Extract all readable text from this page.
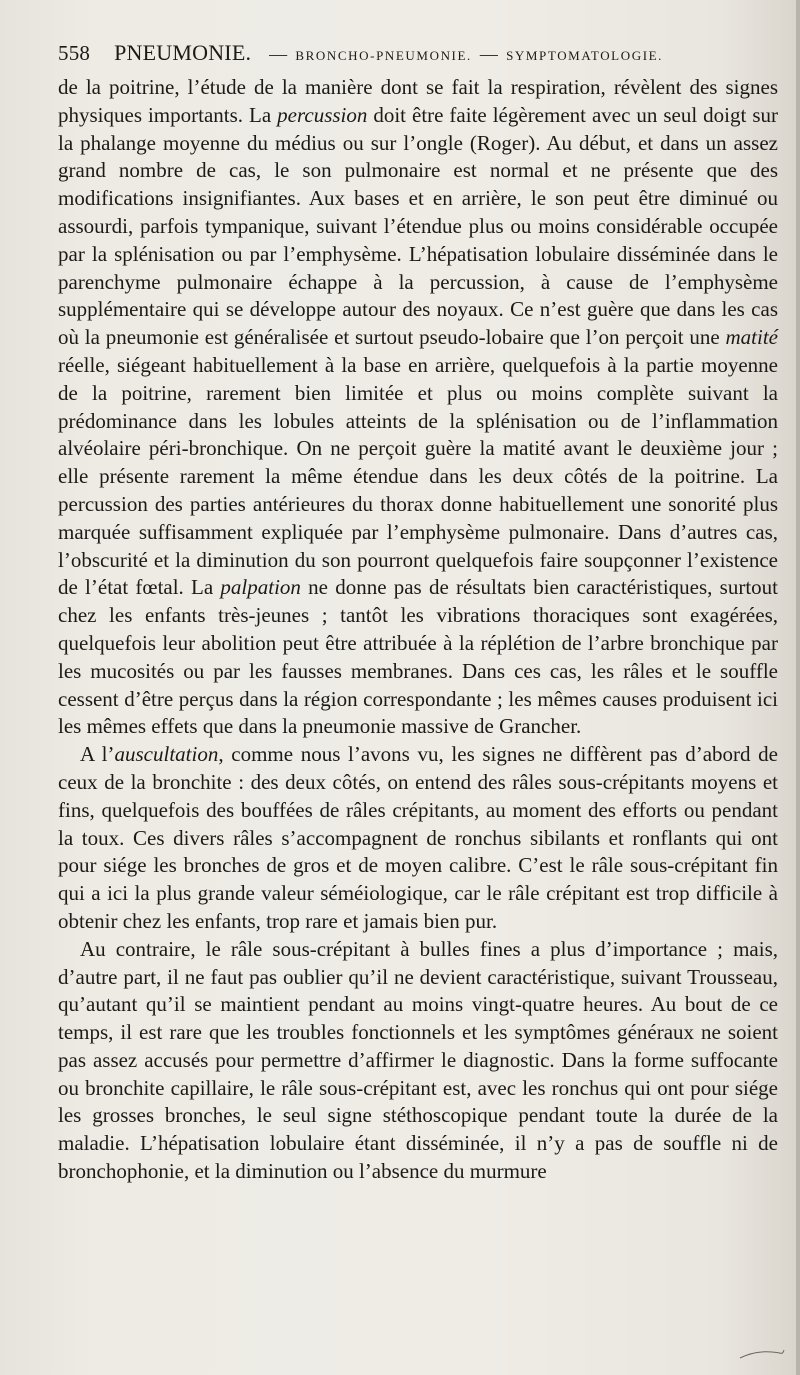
558 PNEUMONIE. — BRONCHO-PNEUMONIE. — SYMPTOMATOLOGIE.

de la poitrine, l’étude de la manière dont se fait la respiration, révèlent des signes physiques importants. La percussion doit être faite légèrement avec un seul doigt sur la phalange moyenne du médius ou sur l’ongle (Roger). Au début, et dans un assez grand nombre de cas, le son pulmonaire est normal et ne présente que des modifications insignifiantes. Aux bases et en arrière, le son peut être diminué ou assourdi, parfois tympanique, suivant l’étendue plus ou moins considérable occupée par la splénisation ou par l’emphysème. L’hépatisation lobulaire disséminée dans le parenchyme pulmonaire échappe à la percussion, à cause de l’emphysème supplémentaire qui se développe autour des noyaux. Ce n’est guère que dans les cas où la pneumonie est généralisée et surtout pseudo-lobaire que l’on perçoit une matité réelle, siégeant habituellement à la base en arrière, quelquefois à la partie moyenne de la poitrine, rarement bien limitée et plus ou moins complète suivant la prédominance dans les lobules atteints de la splénisation ou de l’inflammation alvéolaire péri-bronchique. On ne perçoit guère la matité avant le deuxième jour ; elle présente rarement la même étendue dans les deux côtés de la poitrine. La percussion des parties antérieures du thorax donne habituellement une sonorité plus marquée suffisamment expliquée par l’emphysème pulmonaire. Dans d’autres cas, l’obscurité et la diminution du son pourront quelquefois faire soupçonner l’existence de l’état fœtal. La palpation ne donne pas de résultats bien caractéristiques, surtout chez les enfants très-jeunes ; tantôt les vibrations thoraciques sont exagérées, quelquefois leur abolition peut être attribuée à la réplétion de l’arbre bronchique par les mucosités ou par les fausses membranes. Dans ces cas, les râles et le souffle cessent d’être perçus dans la région correspondante ; les mêmes causes produisent ici les mêmes effets que dans la pneumonie massive de Grancher.

A l’auscultation, comme nous l’avons vu, les signes ne diffèrent pas d’abord de ceux de la bronchite : des deux côtés, on entend des râles sous-crépitants moyens et fins, quelquefois des bouffées de râles crépitants, au moment des efforts ou pendant la toux. Ces divers râles s’accompagnent de ronchus sibilants et ronflants qui ont pour siége les bronches de gros et de moyen calibre. C’est le râle sous-crépitant fin qui a ici la plus grande valeur séméiologique, car le râle crépitant est trop difficile à obtenir chez les enfants, trop rare et jamais bien pur.

Au contraire, le râle sous-crépitant à bulles fines a plus d’importance ; mais, d’autre part, il ne faut pas oublier qu’il ne devient caractéristique, suivant Trousseau, qu’autant qu’il se maintient pendant au moins vingt-quatre heures. Au bout de ce temps, il est rare que les troubles fonctionnels et les symptômes généraux ne soient pas assez accusés pour permettre d’affirmer le diagnostic. Dans la forme suffocante ou bronchite capillaire, le râle sous-crépitant est, avec les ronchus qui ont pour siége les grosses bronches, le seul signe stéthoscopique pendant toute la durée de la maladie. L’hépatisation lobulaire étant disséminée, il n’y a pas de souffle ni de bronchophonie, et la diminution ou l’absence du murmure
